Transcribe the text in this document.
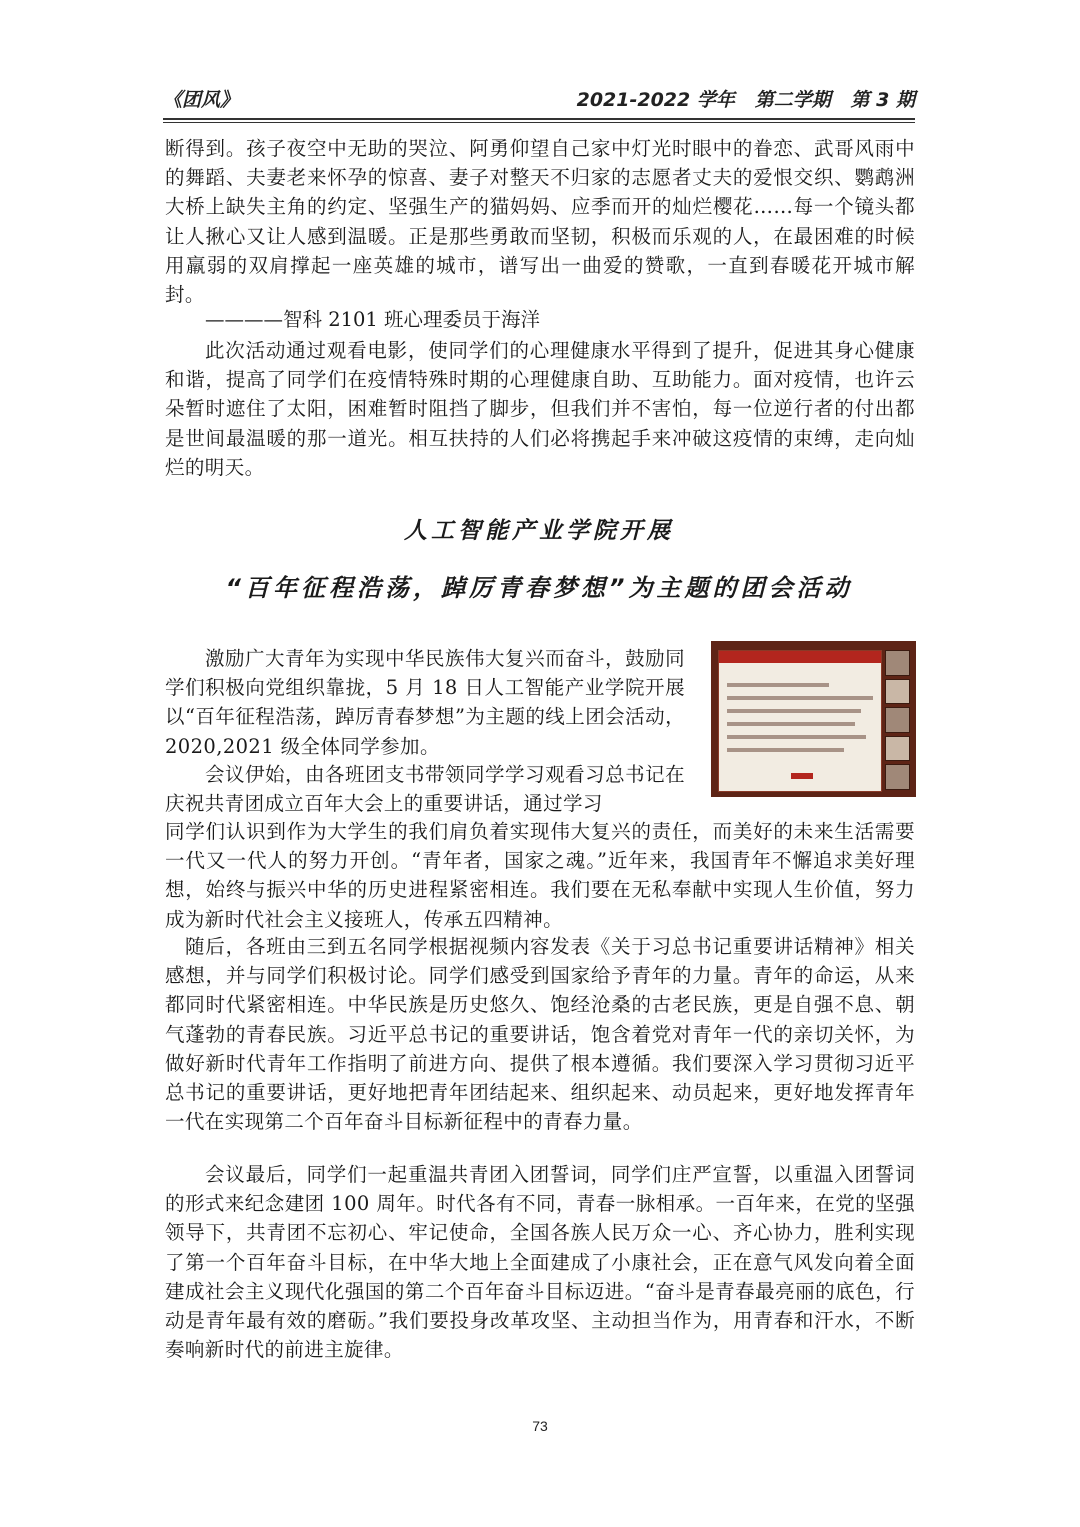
《团风》	2021-2022 学年   第二学期   第 3 期

断得到。孩子夜空中无助的哭泣、阿勇仰望自己家中灯光时眼中的眷恋、武哥风雨中的舞蹈、夫妻老来怀孕的惊喜、妻子对整天不归家的志愿者丈夫的爱恨交织、鹦鹉洲大桥上缺失主角的约定、坚强生产的猫妈妈、应季而开的灿烂樱花……每一个镜头都让人揪心又让人感到温暖。正是那些勇敢而坚韧，积极而乐观的人，在最困难的时候用羸弱的双肩撑起一座英雄的城市，谱写出一曲爱的赞歌，一直到春暖花开城市解封。

————智科 2101 班心理委员于海洋

此次活动通过观看电影，使同学们的心理健康水平得到了提升，促进其身心健康和谐，提高了同学们在疫情特殊时期的心理健康自助、互助能力。面对疫情，也许云朵暂时遮住了太阳，困难暂时阻挡了脚步，但我们并不害怕，每一位逆行者的付出都是世间最温暖的那一道光。相互扶持的人们必将携起手来冲破这疫情的束缚，走向灿烂的明天。

人工智能产业学院开展
“百年征程浩荡，踔厉青春梦想”为主题的团会活动

激励广大青年为实现中华民族伟大复兴而奋斗，鼓励同学们积极向党组织靠拢，5 月 18 日人工智能产业学院开展以“百年征程浩荡，踔厉青春梦想”为主题的线上团会活动，2020,2021 级全体同学参加。

会议伊始，由各班团支书带领同学学习观看习总书记在庆祝共青团成立百年大会上的重要讲话，通过学习

同学们认识到作为大学生的我们肩负着实现伟大复兴的责任，而美好的未来生活需要一代又一代人的努力开创。“青年者，国家之魂。”近年来，我国青年不懈追求美好理想，始终与振兴中华的历史进程紧密相连。我们要在无私奉献中实现人生价值，努力成为新时代社会主义接班人，传承五四精神。

随后，各班由三到五名同学根据视频内容发表《关于习总书记重要讲话精神》相关感想，并与同学们积极讨论。同学们感受到国家给予青年的力量。青年的命运，从来都同时代紧密相连。中华民族是历史悠久、饱经沧桑的古老民族，更是自强不息、朝气蓬勃的青春民族。习近平总书记的重要讲话，饱含着党对青年一代的亲切关怀，为做好新时代青年工作指明了前进方向、提供了根本遵循。我们要深入学习贯彻习近平总书记的重要讲话，更好地把青年团结起来、组织起来、动员起来，更好地发挥青年一代在实现第二个百年奋斗目标新征程中的青春力量。

会议最后，同学们一起重温共青团入团誓词，同学们庄严宣誓，以重温入团誓词的形式来纪念建团 100 周年。时代各有不同，青春一脉相承。一百年来，在党的坚强领导下，共青团不忘初心、牢记使命，全国各族人民万众一心、齐心协力，胜利实现了第一个百年奋斗目标，在中华大地上全面建成了小康社会，正在意气风发向着全面建成社会主义现代化强国的第二个百年奋斗目标迈进。“奋斗是青春最亮丽的底色，行动是青年最有效的磨砺。”我们要投身改革攻坚、主动担当作为，用青春和汗水，不断奏响新时代的前进主旋律。

73
